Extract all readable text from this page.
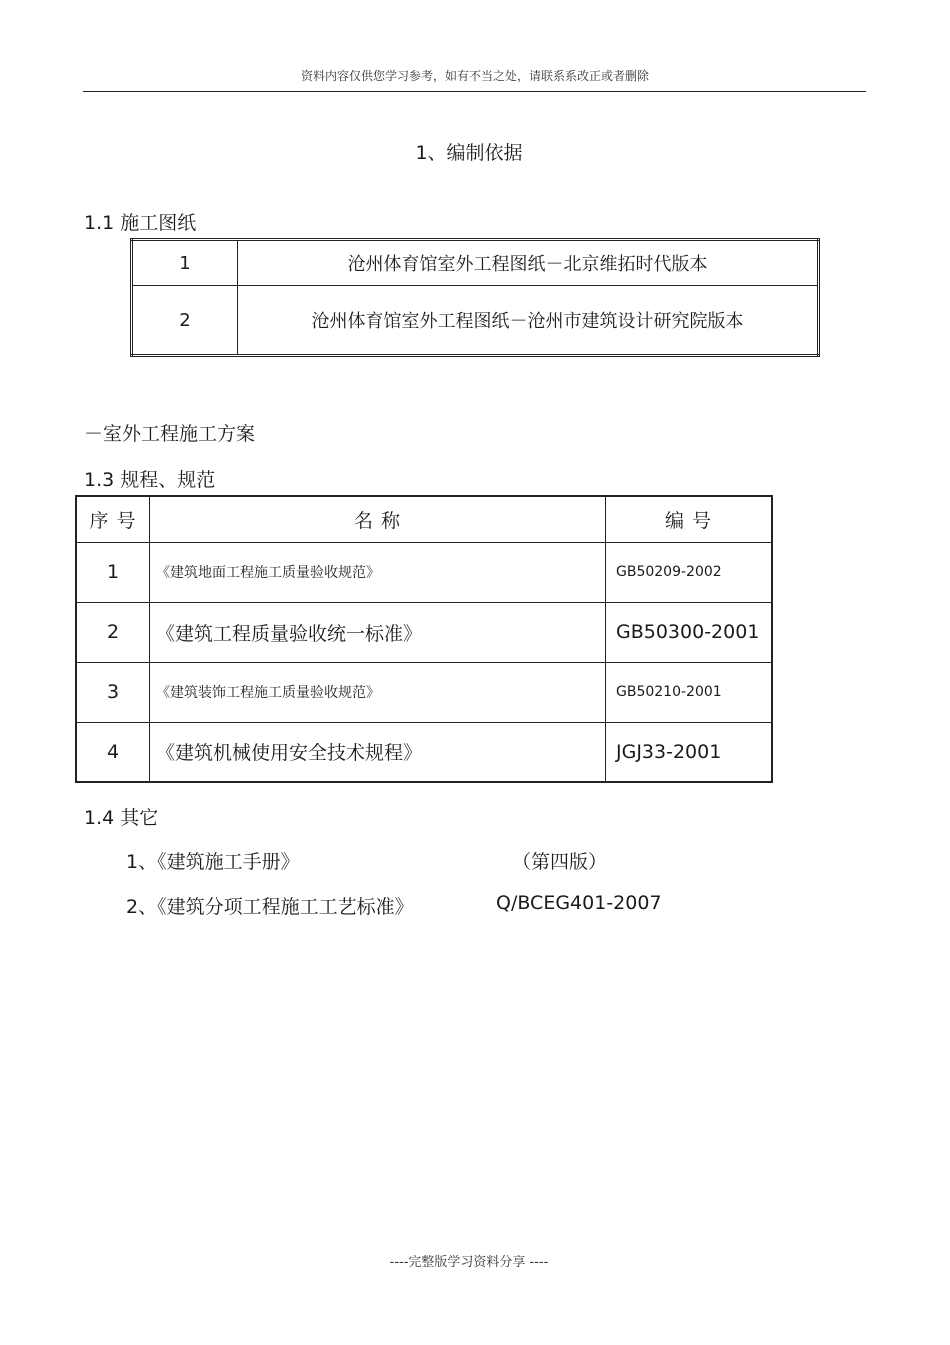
资料内容仅供您学习参考，如有不当之处，请联系系改正或者删除
1、编制依据
1.1 施工图纸
1	沧州体育馆室外工程图纸－北京维拓时代版本
2	沧州体育馆室外工程图纸－沧州市建筑设计研究院版本
－室外工程施工方案
1.3 规程、规范
序 号	名 称	编 号
1	《建筑地面工程施工质量验收规范》	GB50209-2002
2	《建筑工程质量验收统一标准》	GB50300-2001
3	《建筑装饰工程施工质量验收规范》	GB50210-2001
4	《建筑机械使用安全技术规程》	JGJ33-2001
1.4 其它
1、《建筑施工手册》	（第四版）
2、《建筑分项工程施工工艺标准》	Q/BCEG401-2007
----完整版学习资料分享 ----
